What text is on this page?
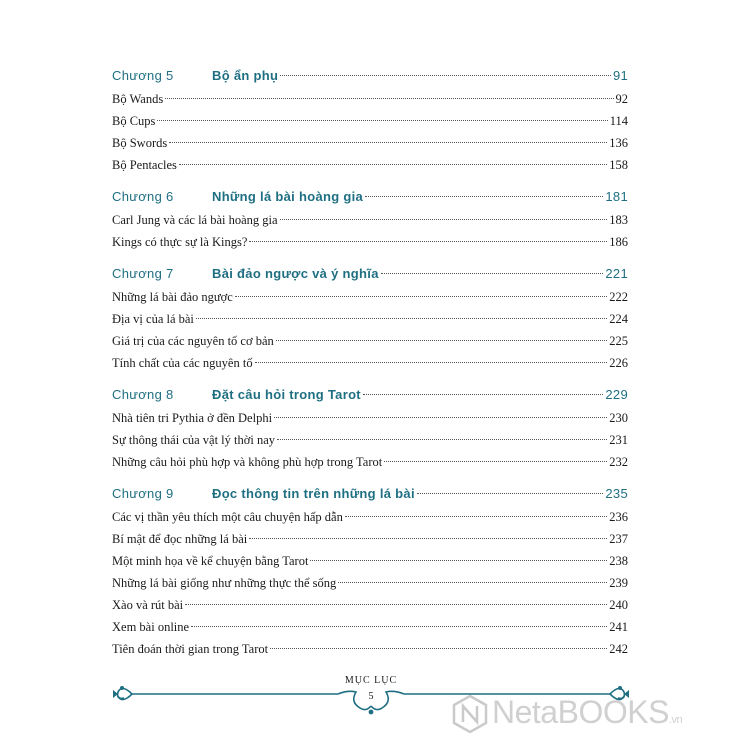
Chương 5	Bộ ẩn phụ	91
Bộ Wands	92
Bộ Cups	114
Bộ Swords	136
Bộ Pentacles	158
Chương 6	Những lá bài hoàng gia	181
Carl Jung và các lá bài hoàng gia	183
Kings có thực sự là Kings?	186
Chương 7	Bài đảo ngược và ý nghĩa	221
Những lá bài đảo ngược	222
Địa vị của lá bài	224
Giá trị của các nguyên tố cơ bản	225
Tính chất của các nguyên tố	226
Chương 8	Đặt câu hỏi trong Tarot	229
Nhà tiên tri Pythia ở đền Delphi	230
Sự thông thái của vật lý thời nay	231
Những câu hỏi phù hợp và không phù hợp trong Tarot	232
Chương 9	Đọc thông tin trên những lá bài	235
Các vị thần yêu thích một câu chuyện hấp dẫn	236
Bí mật để đọc những lá bài	237
Một minh họa về kể chuyện bằng Tarot	238
Những lá bài giống như những thực thể sống	239
Xào và rút bài	240
Xem bài online	241
Tiên đoán thời gian trong Tarot	242
MỤC LỤC
5	NetaBOOKS.vn
